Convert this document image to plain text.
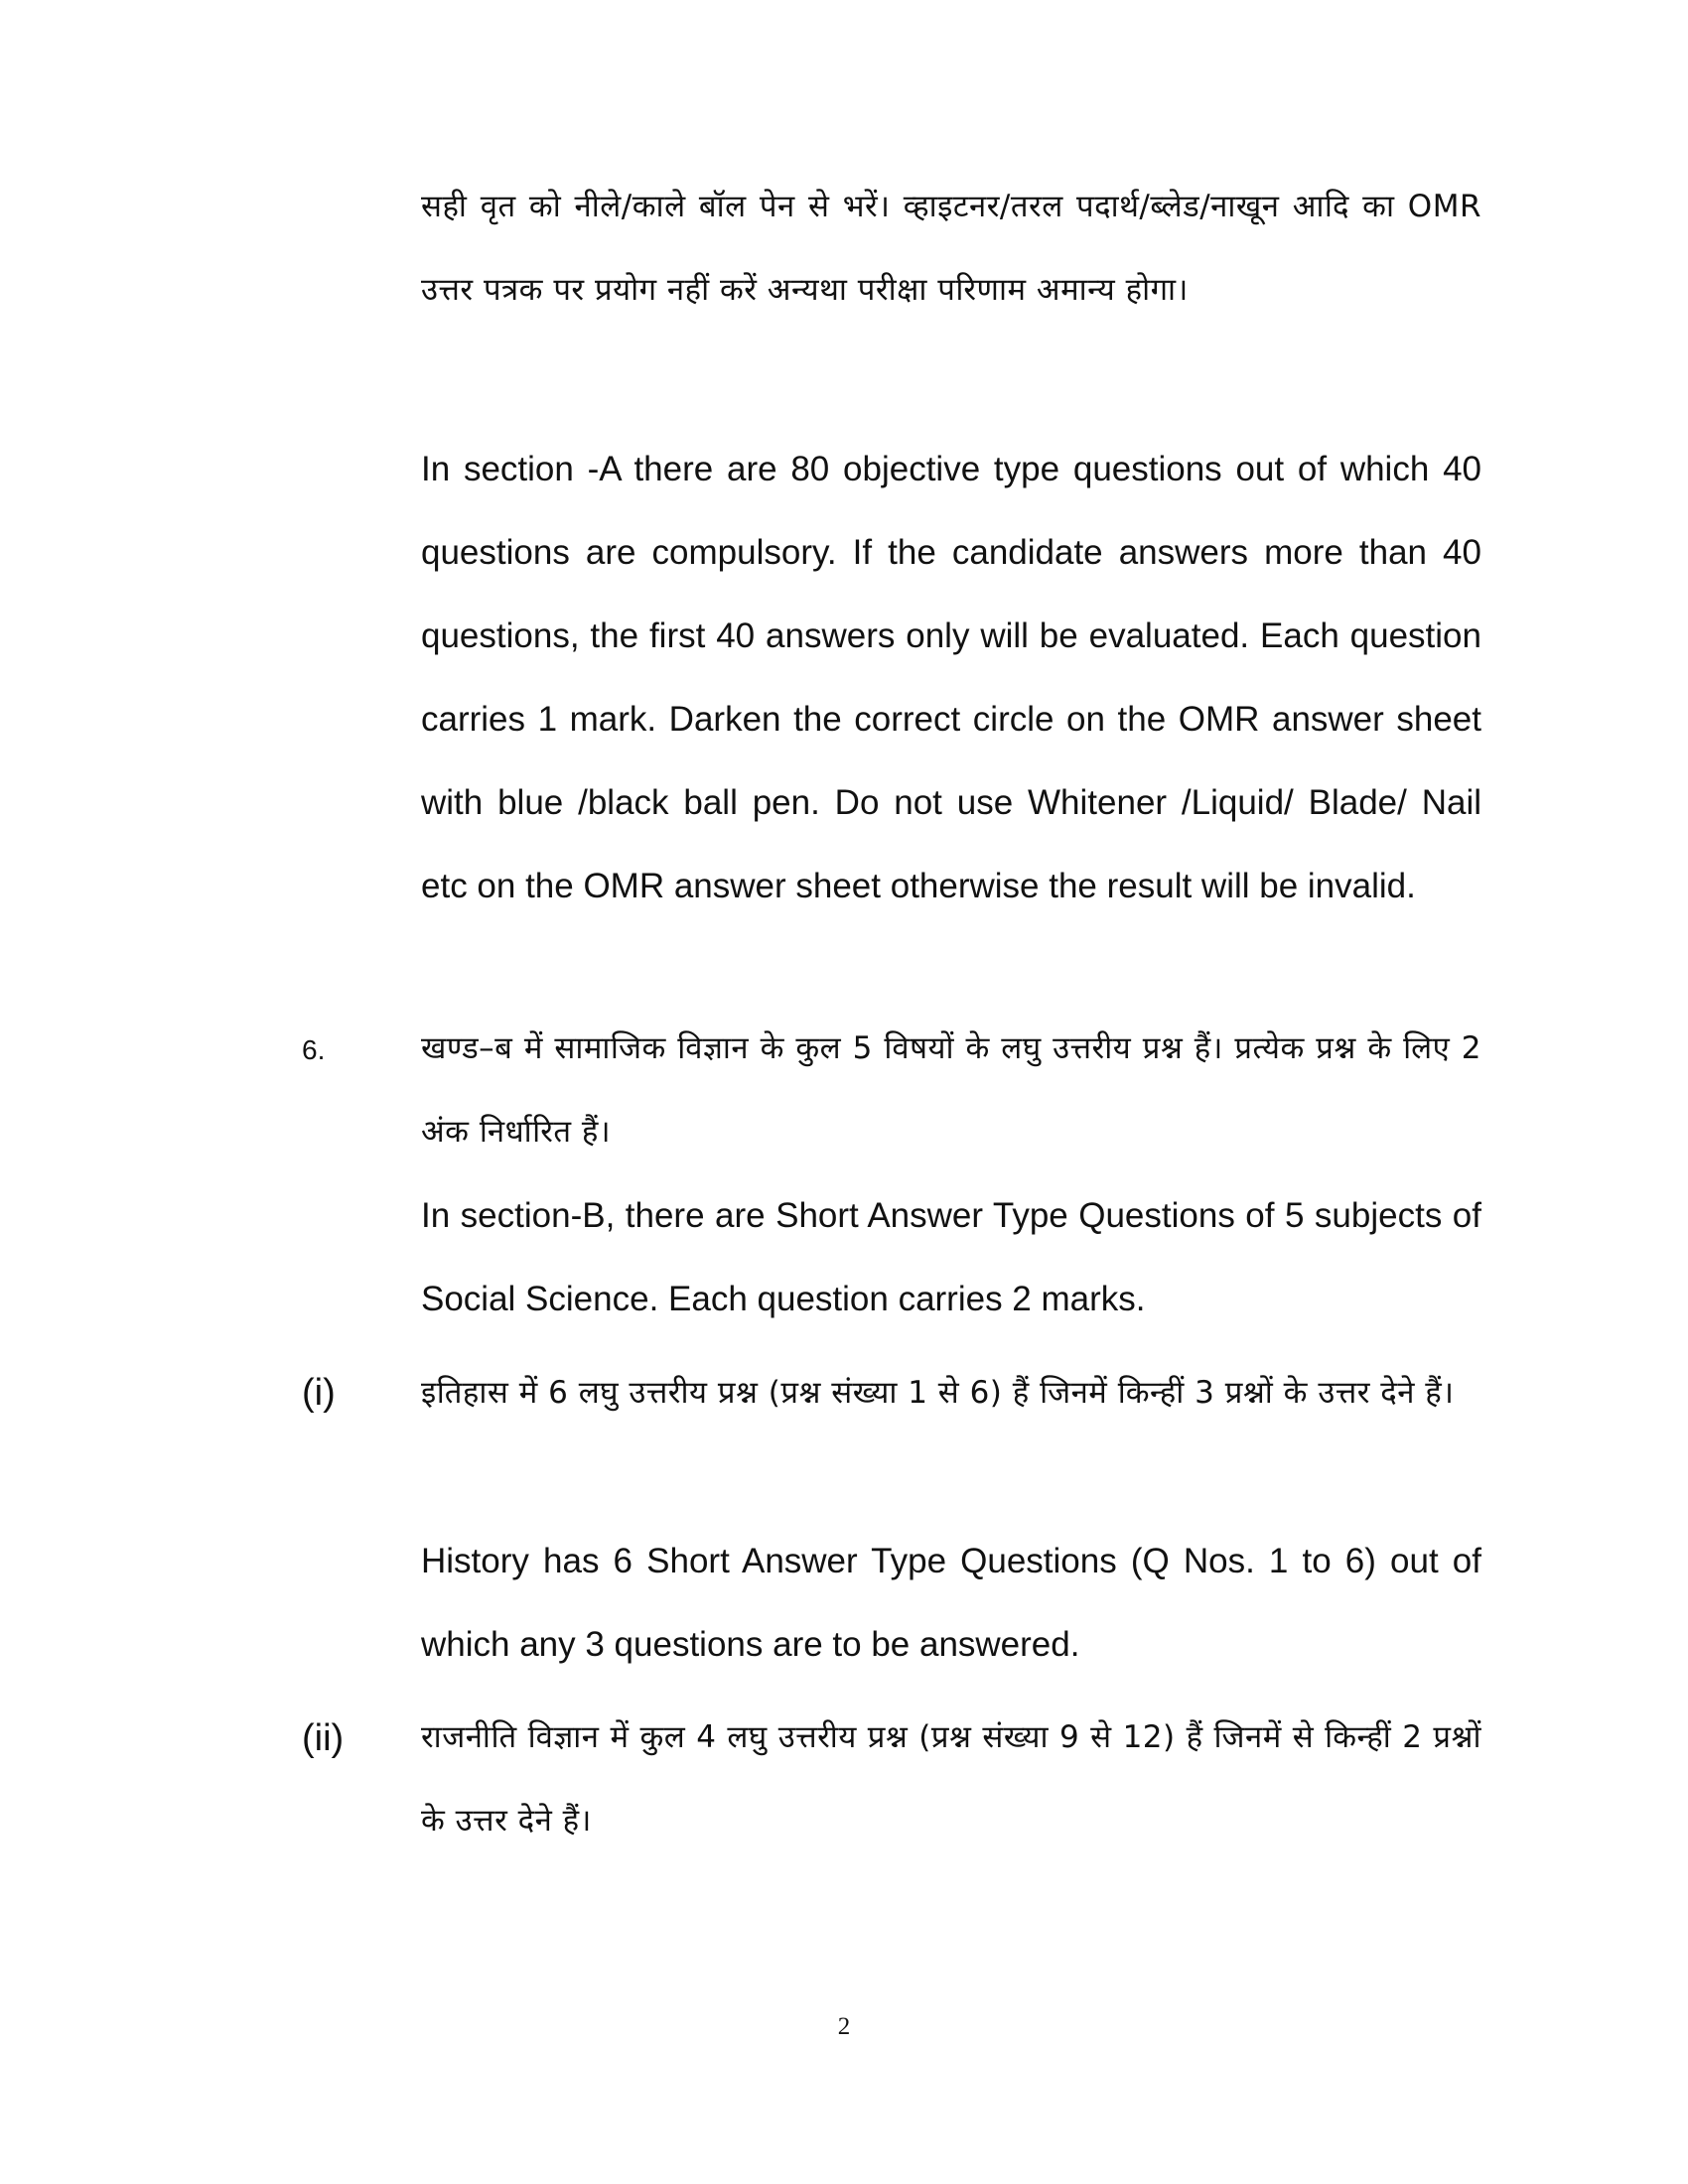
सही वृत को नीले/काले बॉल पेन से भरें। व्हाइटनर/तरल पदार्थ/ब्लेड/नाखून आदि का OMR उत्तर पत्रक पर प्रयोग नहीं करें अन्यथा परीक्षा परिणाम अमान्य होगा।

In section -A there are 80 objective type questions out of which 40 questions are compulsory. If the candidate answers more than 40 questions, the first 40 answers only will be evaluated. Each question carries 1 mark. Darken the correct circle on the OMR answer sheet with blue /black ball pen. Do not use Whitener /Liquid/ Blade/ Nail etc on the OMR answer sheet otherwise the result will be invalid.

6.	खण्ड–ब में सामाजिक विज्ञान के कुल 5 विषयों के लघु उत्तरीय प्रश्न हैं। प्रत्येक प्रश्न के लिए 2 अंक निर्धारित हैं।

In section-B, there are Short Answer Type Questions of 5 subjects of Social Science. Each question carries 2 marks.

(i)	इतिहास में 6 लघु उत्तरीय प्रश्न (प्रश्न संख्या 1 से 6) हैं जिनमें किन्हीं 3 प्रश्नों के उत्तर देने हैं।

History has 6 Short Answer Type Questions (Q Nos. 1 to 6) out of which any 3 questions are to be answered.

(ii)	राजनीति विज्ञान में कुल 4 लघु उत्तरीय प्रश्न (प्रश्न संख्या 9 से 12) हैं जिनमें से किन्हीं 2 प्रश्नों के उत्तर देने हैं।

2
